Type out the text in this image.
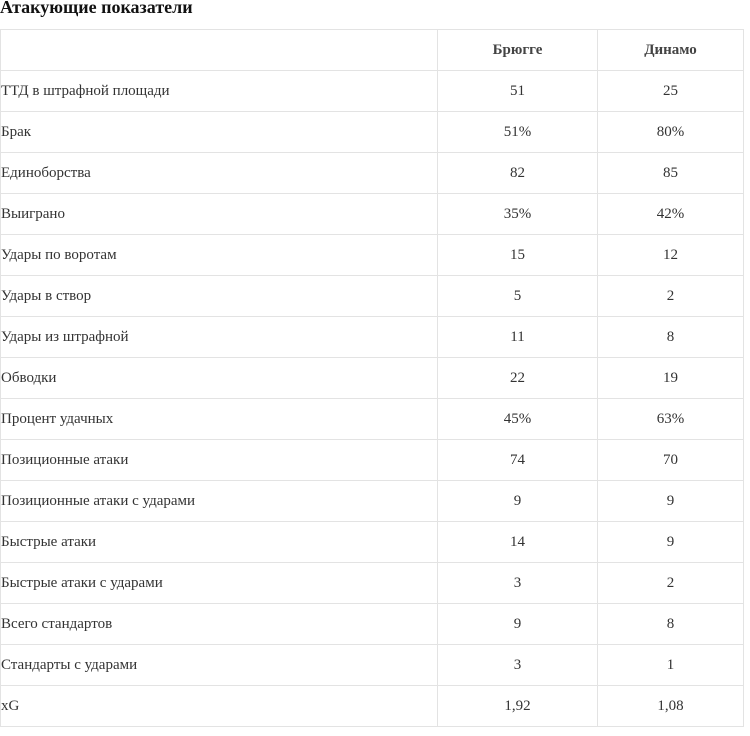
Атакующие показатели
	Брюгге	Динамо
ТТД в штрафной площади	51	25
Брак	51%	80%
Единоборства	82	85
Выиграно	35%	42%
Удары по воротам	15	12
Удары в створ	5	2
Удары из штрафной	11	8
Обводки	22	19
Процент удачных	45%	63%
Позиционные атаки	74	70
Позиционные атаки с ударами	9	9
Быстрые атаки	14	9
Быстрые атаки с ударами	3	2
Всего стандартов	9	8
Стандарты с ударами	3	1
xG	1,92	1,08
